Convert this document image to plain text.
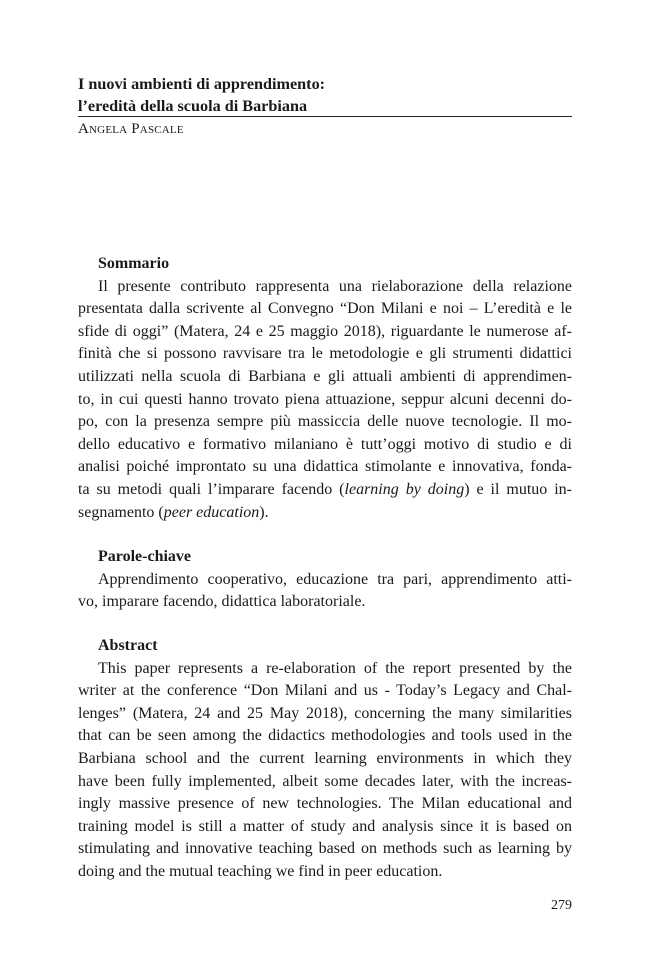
I nuovi ambienti di apprendimento:
l’eredità della scuola di Barbiana
Angela Pascale
Sommario
Il presente contributo rappresenta una rielaborazione della relazione
presentata dalla scrivente al Convegno “Don Milani e noi – L’eredità e le
sfide di oggi” (Matera, 24 e 25 maggio 2018), riguardante le numerose af-
finità che si possono ravvisare tra le metodologie e gli strumenti didattici
utilizzati nella scuola di Barbiana e gli attuali ambienti di apprendimen-
to, in cui questi hanno trovato piena attuazione, seppur alcuni decenni do-
po, con la presenza sempre più massiccia delle nuove tecnologie. Il mo-
dello educativo e formativo milaniano è tutt’oggi motivo di studio e di
analisi poiché improntato su una didattica stimolante e innovativa, fonda-
ta su metodi quali l’imparare facendo (learning by doing) e il mutuo in-
segnamento (peer education).
Parole-chiave
Apprendimento cooperativo, educazione tra pari, apprendimento atti-
vo, imparare facendo, didattica laboratoriale.
Abstract
This paper represents a re-elaboration of the report presented by the
writer at the conference “Don Milani and us - Today’s Legacy and Chal-
lenges” (Matera, 24 and 25 May 2018), concerning the many similarities
that can be seen among the didactics methodologies and tools used in the
Barbiana school and the current learning environments in which they
have been fully implemented, albeit some decades later, with the increas-
ingly massive presence of new technologies. The Milan educational and
training model is still a matter of study and analysis since it is based on
stimulating and innovative teaching based on methods such as learning by
doing and the mutual teaching we find in peer education.
279
